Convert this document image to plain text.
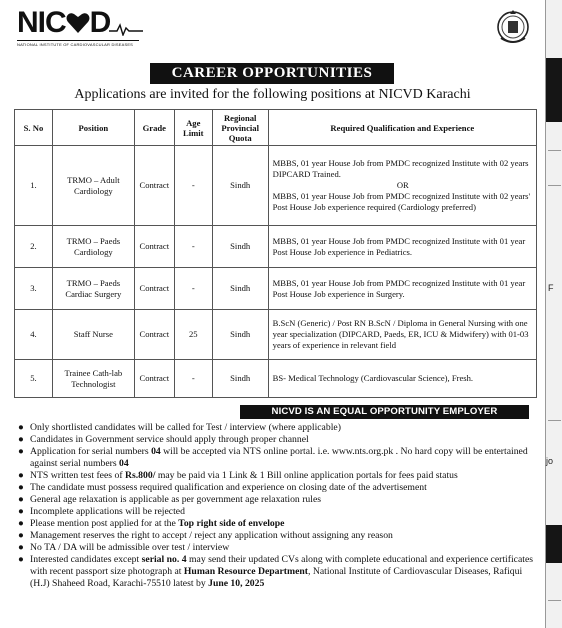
NIC D
NATIONAL INSTITUTE OF CARDIOVASCULAR DISEASES
CAREER OPPORTUNITIES
Applications are invited for the following positions at NICVD Karachi
S. No	Position	Grade	Age Limit	Regional Provincial Quota	Required Qualification and Experience
1.	TRMO – Adult Cardiology	Contract	-	Sindh	MBBS, 01 year House Job from PMDC recognized Institute with 02 years DIPCARD Trained.
OR
MBBS, 01 year House Job from PMDC recognized Institute with 02 years' Post House Job experience required (Cardiology preferred)
2.	TRMO – Paeds Cardiology	Contract	-	Sindh	MBBS, 01 year House Job from PMDC recognized Institute with 01 year Post House Job experience in Pediatrics.
3.	TRMO – Paeds Cardiac Surgery	Contract	-	Sindh	MBBS, 01 year House Job from PMDC recognized Institute with 01 year Post House Job experience in Surgery.
4.	Staff Nurse	Contract	25	Sindh	B.ScN (Generic) / Post RN B.ScN / Diploma in General Nursing with one year specialization (DIPCARD, Paeds, ER, ICU & Midwifery) with 01-03 years of experience in relevant field
5.	Trainee Cath-lab Technologist	Contract	-	Sindh	BS- Medical Technology (Cardiovascular Science), Fresh.
NICVD IS AN EQUAL OPPORTUNITY EMPLOYER
● Only shortlisted candidates will be called for Test / interview (where applicable)
● Candidates in Government service should apply through proper channel
● Application for serial numbers 04 will be accepted via NTS online portal. i.e. www.nts.org.pk . No hard copy will be entertained against serial numbers 04
● NTS written test fees of Rs.800/ may be paid via 1 Link & 1 Bill online application portals for fees paid status
● The candidate must possess required qualification and experience on closing date of the advertisement
● General age relaxation is applicable as per government age relaxation rules
● Incomplete applications will be rejected
● Please mention post applied for at the Top right side of envelope
● Management reserves the right to accept / reject any application without assigning any reason
● No TA / DA will be admissible over test / interview
● Interested candidates except serial no. 4 may send their updated CVs along with complete educational and experience certificates with recent passport size photograph at Human Resource Department, National Institute of Cardiovascular Diseases, Rafiqui (H.J) Shaheed Road, Karachi-75510 latest by June 10, 2025
F
jo
